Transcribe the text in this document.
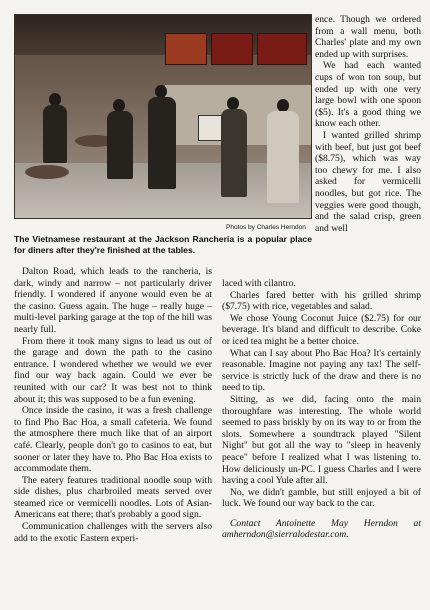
Photos by Charles Herndon
The Vietnamese restaurant at the Jackson Rancheria is a popular place for diners after they're finished at the tables.

ence. Though we ordered from a wall menu, both Charles' plate and my own ended up with surprises.

We had each wanted cups of won ton soup, but ended up with one very large bowl with one spoon ($5). It's a good thing we know each other.

I wanted grilled shrimp with beef, but just got beef ($8.75), which was way too chewy for me. I also asked for vermicelli noodles, but got rice. The veggies were good though, and the salad crisp, green and well

Dalton Road, which leads to the rancheria, is dark, windy and narrow – not particularly driver friendly. I wondered if anyone would even be at the casino. Guess again. The huge – really huge – multi-level parking garage at the top of the hill was nearly full.

From there it took many signs to lead us out of the garage and down the path to the casino entrance. I wondered whether we would we ever find our way back again. Could we ever be reunited with our car? It was best not to think about it; this was supposed to be a fun evening.

Once inside the casino, it was a fresh challenge to find Pho Bac Hoa, a small cafeteria. We found the atmosphere there much like that of an airport café. Clearly, people don't go to casinos to eat, but sooner or later they have to. Pho Bac Hoa exists to accommodate them.

The eatery features traditional noodle soup with side dishes, plus charbroiled meats served over steamed rice or vermicelli noodles. Lots of Asian-Americans eat there; that's probably a good sign.

Communication challenges with the servers also add to the exotic Eastern experi-

laced with cilantro.

Charles fared better with his grilled shrimp ($7.75) with rice, vegetables and salad.

We chose Young Coconut Juice ($2.75) for our beverage. It's bland and difficult to describe. Coke or iced tea might be a better choice.

What can I say about Pho Bac Hoa? It's certainly reasonable. Imagine not paying any tax! The self-service is strictly luck of the draw and there is no need to tip.

Sitting, as we did, facing onto the main thoroughfare was interesting. The whole world seemed to pass briskly by on its way to or from the slots. Somewhere a soundtrack played "Silent Night" but got all the way to "sleep in heavenly peace" before I realized what I was listening to. How deliciously un-PC. I guess Charles and I were having a cool Yule after all.

No, we didn't gamble, but still enjoyed a bit of luck. We found our way back to the car.

Contact Antoinette May Herndon at amherndon@sierralodestar.com.
